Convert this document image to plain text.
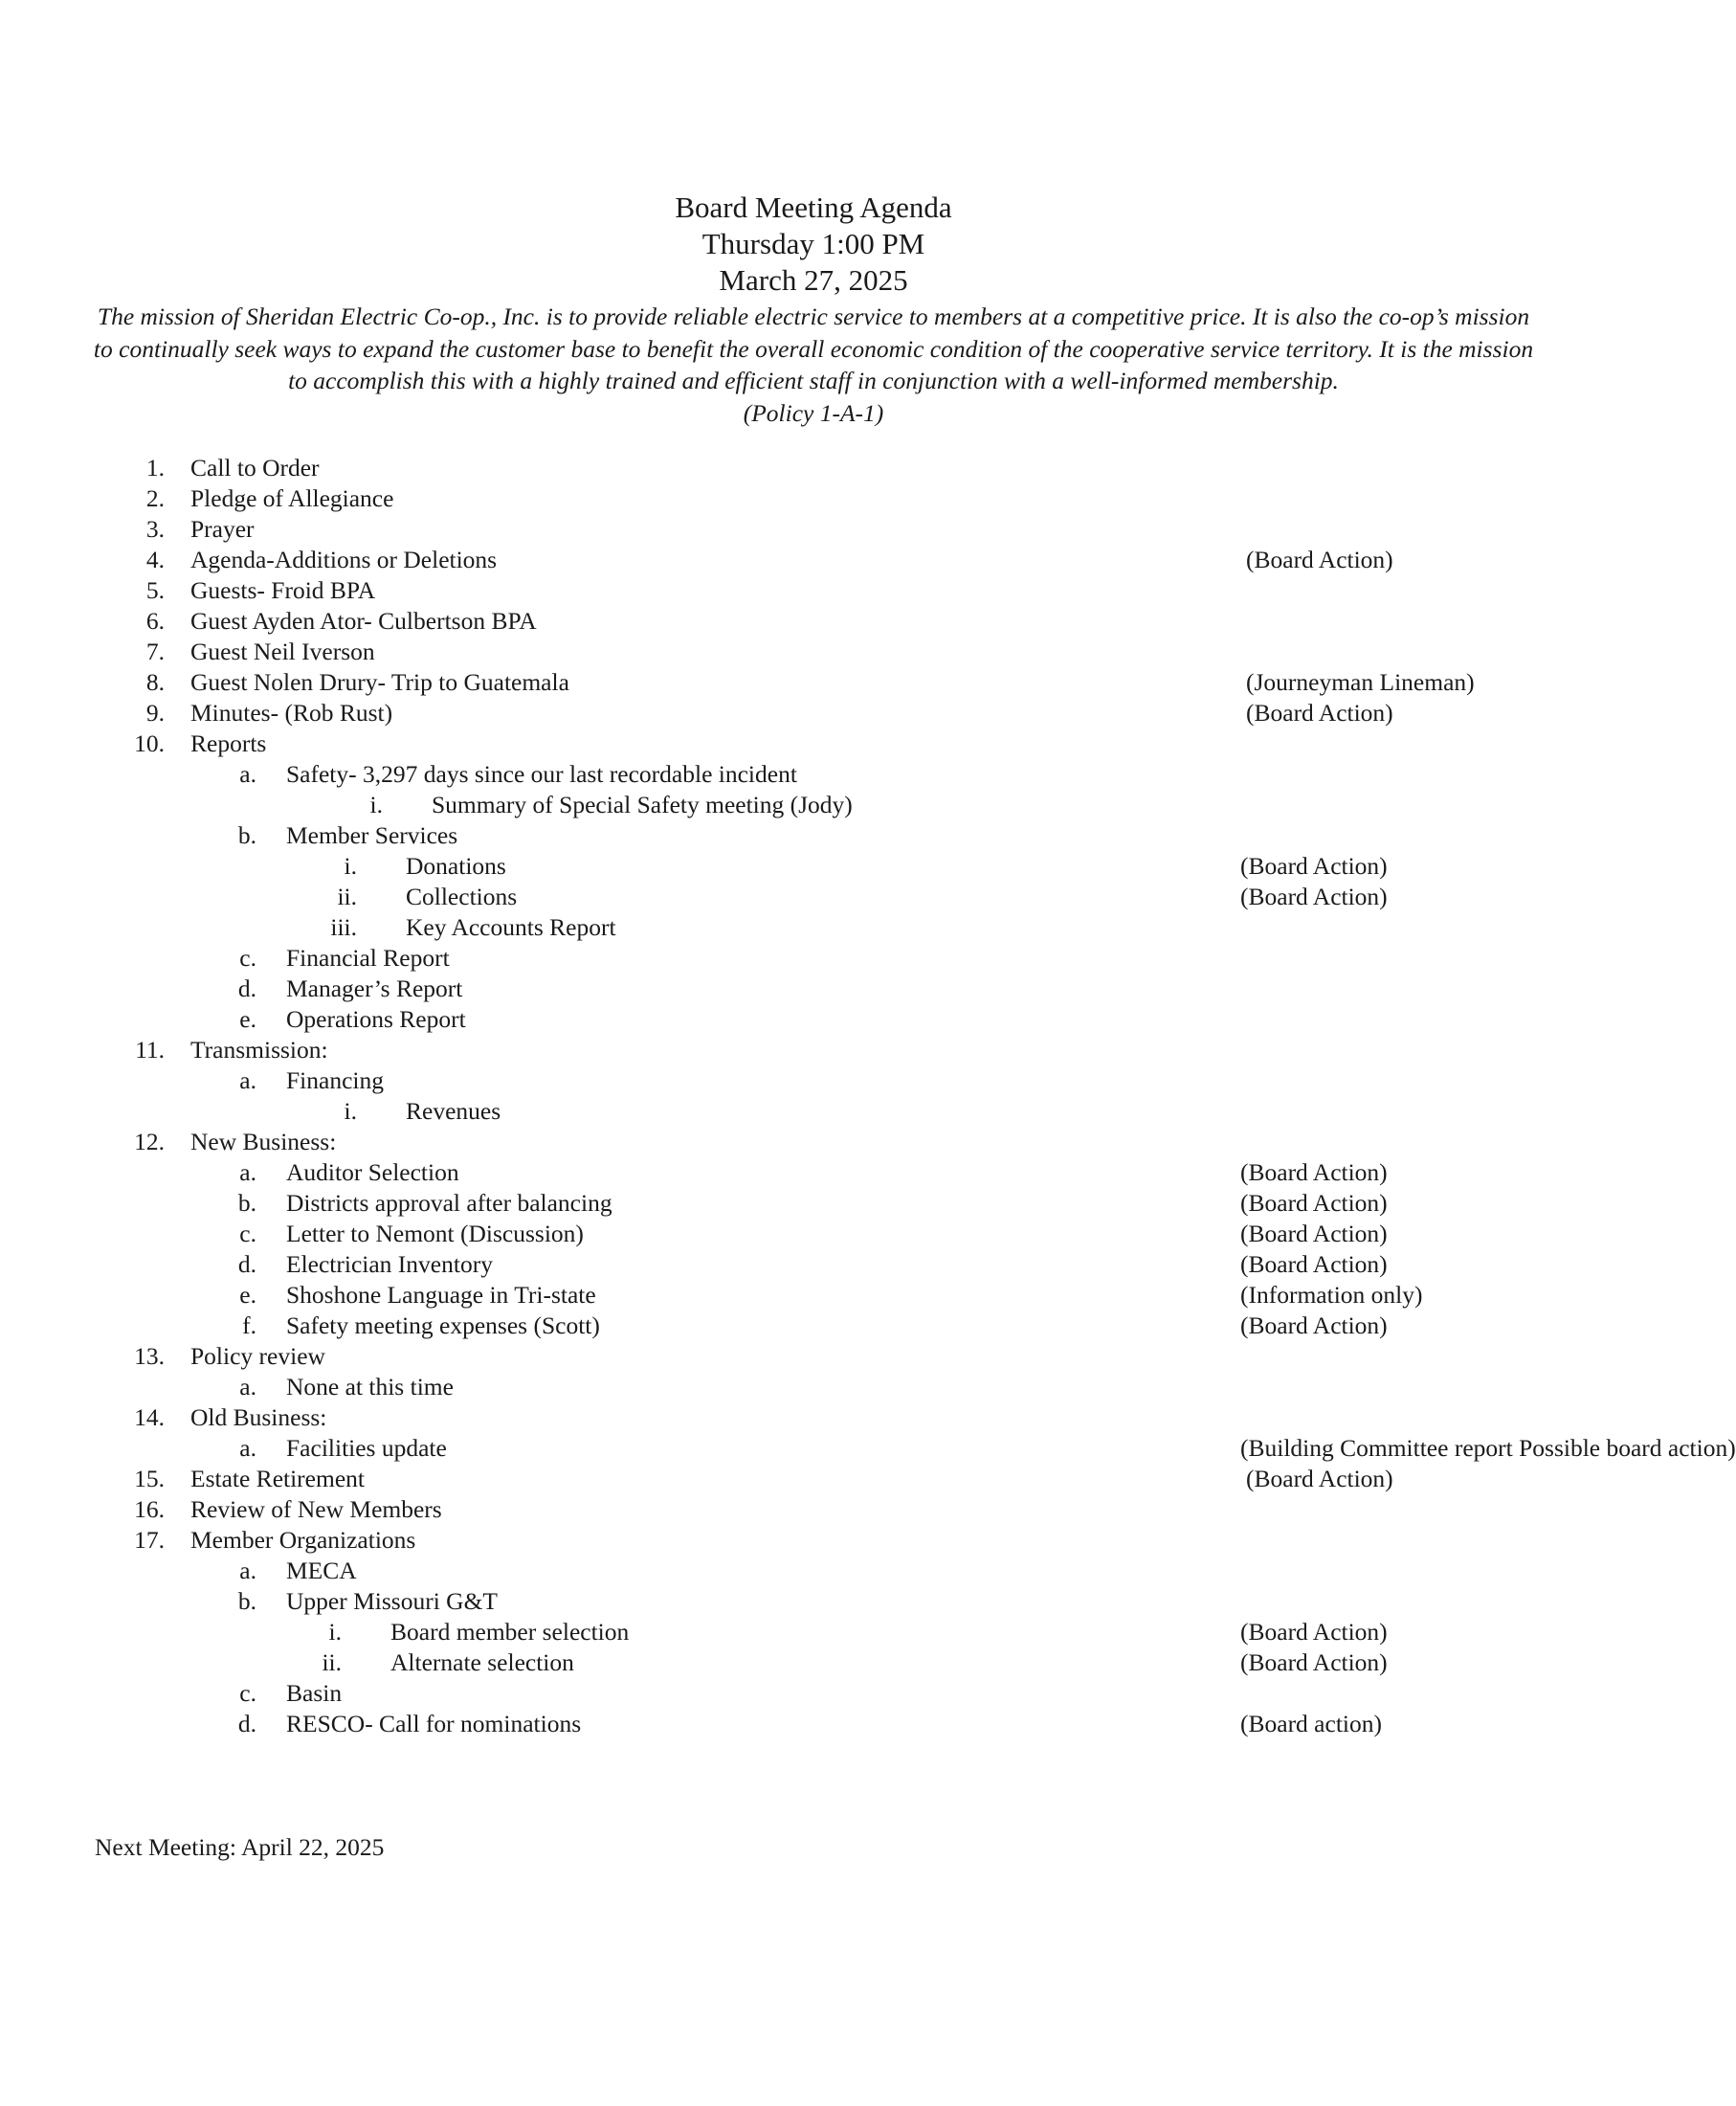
Board Meeting Agenda
Thursday 1:00 PM
March 27, 2025
The mission of Sheridan Electric Co-op., Inc. is to provide reliable electric service to members at a competitive price. It is also the co-op’s mission to continually seek ways to expand the customer base to benefit the overall economic condition of the cooperative service territory. It is the mission to accomplish this with a highly trained and efficient staff in conjunction with a well-informed membership.
(Policy 1-A-1)
1. Call to Order
2. Pledge of Allegiance
3. Prayer
4. Agenda-Additions or Deletions	(Board Action)
5. Guests- Froid BPA
6. Guest Ayden Ator- Culbertson BPA
7. Guest Neil Iverson
8. Guest Nolen Drury- Trip to Guatemala	(Journeyman Lineman)
9. Minutes- (Rob Rust)	(Board Action)
10. Reports
a. Safety- 3,297 days since our last recordable incident
i. Summary of Special Safety meeting (Jody)
b. Member Services
i. Donations	(Board Action)
ii. Collections	(Board Action)
iii. Key Accounts Report
c. Financial Report
d. Manager’s Report
e. Operations Report
11. Transmission:
a. Financing
i. Revenues
12. New Business:
a. Auditor Selection	(Board Action)
b. Districts approval after balancing	(Board Action)
c. Letter to Nemont (Discussion)	(Board Action)
d. Electrician Inventory	(Board Action)
e. Shoshone Language in Tri-state	(Information only)
f. Safety meeting expenses (Scott)	(Board Action)
13. Policy review
a. None at this time
14. Old Business:
a. Facilities update	(Building Committee report Possible board action)
15. Estate Retirement	(Board Action)
16. Review of New Members
17. Member Organizations
a. MECA
b. Upper Missouri G&T
i. Board member selection	(Board Action)
ii. Alternate selection	(Board Action)
c. Basin
d. RESCO- Call for nominations	(Board action)
Next Meeting: April 22, 2025
